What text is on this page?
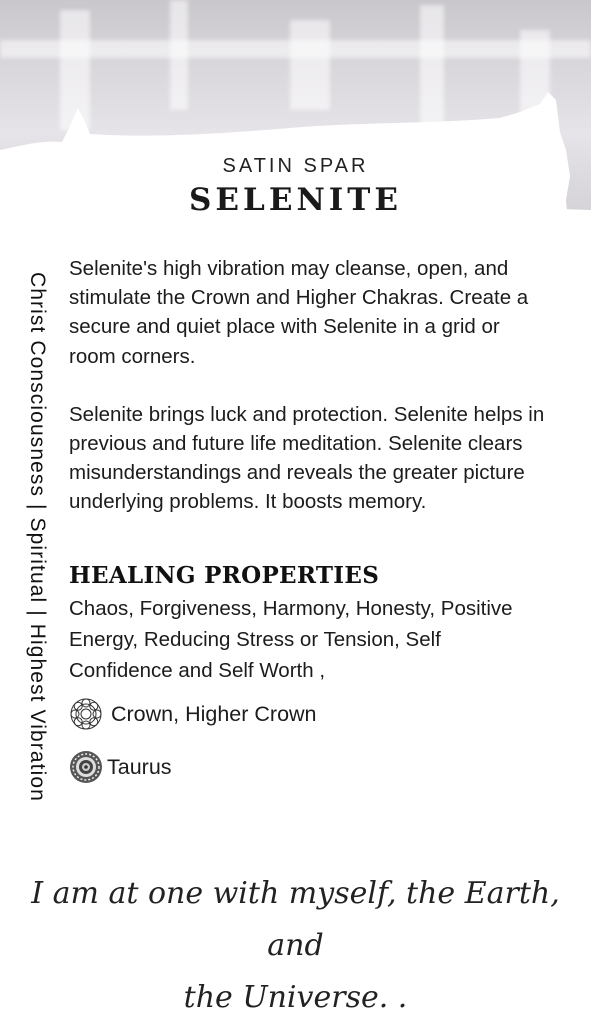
SATIN SPAR
SELENITE
Christ Consciousness | Spiritual | Highest Vibration

Selenite's high vibration may cleanse, open, and stimulate the Crown and Higher Chakras. Create a secure and quiet place with Selenite in a grid or room corners.

Selenite brings luck and protection. Selenite helps in previous and future life meditation. Selenite clears misunderstandings and reveals the greater picture underlying problems. It boosts memory.

HEALING PROPERTIES
Chaos, Forgiveness, Harmony, Honesty, Positive Energy, Reducing Stress or Tension, Self Confidence and Self Worth ,
Crown, Higher Crown
Taurus
I am at one with myself, the Earth, and
the Universe. .
